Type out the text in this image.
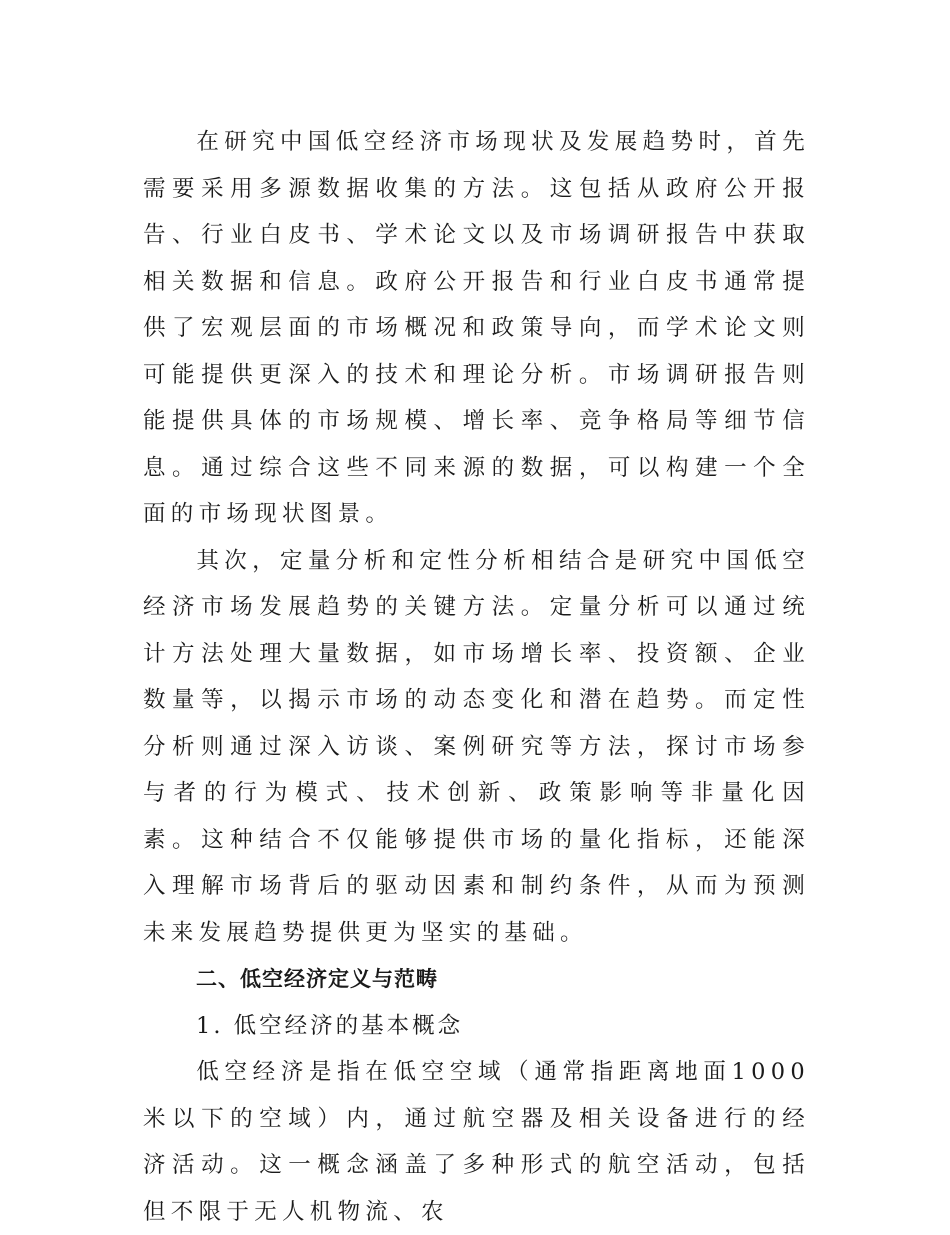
在研究中国低空经济市场现状及发展趋势时，首先需要采用多源数据收集的方法。这包括从政府公开报告、行业白皮书、学术论文以及市场调研报告中获取相关数据和信息。政府公开报告和行业白皮书通常提供了宏观层面的市场概况和政策导向，而学术论文则可能提供更深入的技术和理论分析。市场调研报告则能提供具体的市场规模、增长率、竞争格局等细节信息。通过综合这些不同来源的数据，可以构建一个全面的市场现状图景。

其次，定量分析和定性分析相结合是研究中国低空经济市场发展趋势的关键方法。定量分析可以通过统计方法处理大量数据，如市场增长率、投资额、企业数量等，以揭示市场的动态变化和潜在趋势。而定性分析则通过深入访谈、案例研究等方法，探讨市场参与者的行为模式、技术创新、政策影响等非量化因素。这种结合不仅能够提供市场的量化指标，还能深入理解市场背后的驱动因素和制约条件，从而为预测未来发展趋势提供更为坚实的基础。

二、低空经济定义与范畴

1. 低空经济的基本概念

低空经济是指在低空空域（通常指距离地面1000米以下的空域）内，通过航空器及相关设备进行的经济活动。这一概念涵盖了多种形式的航空活动，包括但不限于无人机物流、农
